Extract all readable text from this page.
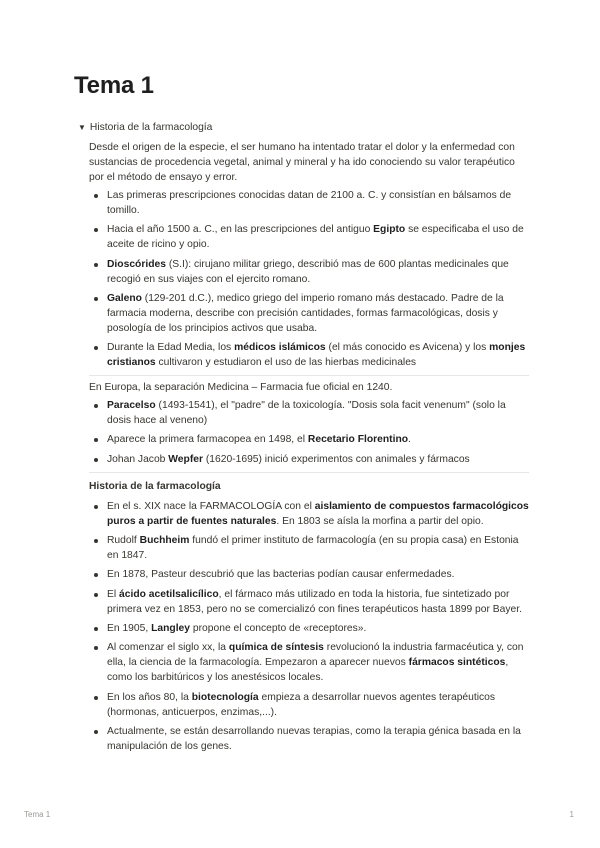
Tema 1
▼ Historia de la farmacología

Desde el origen de la especie, el ser humano ha intentado tratar el dolor y la enfermedad con sustancias de procedencia vegetal, animal y mineral y ha ido conociendo su valor terapéutico por el método de ensayo y error.

Las primeras prescripciones conocidas datan de 2100 a. C. y consistían en bálsamos de tomillo.
Hacia el año 1500 a. C., en las prescripciones del antiguo Egipto se especificaba el uso de aceite de ricino y opio.
Dioscórides (S.I): cirujano militar griego, describió mas de 600 plantas medicinales que recogió en sus viajes con el ejercito romano.
Galeno (129-201 d.C.), medico griego del imperio romano más destacado. Padre de la farmacia moderna, describe con precisión cantidades, formas farmacológicas, dosis y posología de los principios activos que usaba.
Durante la Edad Media, los médicos islámicos (el más conocido es Avicena) y los monjes cristianos cultivaron y estudiaron el uso de las hierbas medicinales

En Europa, la separación Medicina – Farmacia fue oficial en 1240.

Paracelso (1493-1541), el "padre" de la toxicología. "Dosis sola facit venenum" (solo la dosis hace al veneno)
Aparece la primera farmacopea en 1498, el Recetario Florentino.
Johan Jacob Wepfer (1620-1695) inició experimentos con animales y fármacos
Historia de la farmacología
En el s. XIX nace la FARMACOLOGÍA con el aislamiento de compuestos farmacológicos puros a partir de fuentes naturales. En 1803 se aísla la morfina a partir del opio.
Rudolf Buchheim fundó el primer instituto de farmacología (en su propia casa) en Estonia en 1847.
En 1878, Pasteur descubrió que las bacterias podían causar enfermedades.
El ácido acetilsalicílico, el fármaco más utilizado en toda la historia, fue sintetizado por primera vez en 1853, pero no se comercializó con fines terapéuticos hasta 1899 por Bayer.
En 1905, Langley propone el concepto de «receptores».
Al comenzar el siglo xx, la química de síntesis revolucionó la industria farmacéutica y, con ella, la ciencia de la farmacología. Empezaron a aparecer nuevos fármacos sintéticos, como los barbitúricos y los anestésicos locales.
En los años 80, la biotecnología empieza a desarrollar nuevos agentes terapéuticos (hormonas, anticuerpos, enzimas,...).
Actualmente, se están desarrollando nuevas terapias, como la terapia génica basada en la manipulación de los genes.
Tema 1	1
